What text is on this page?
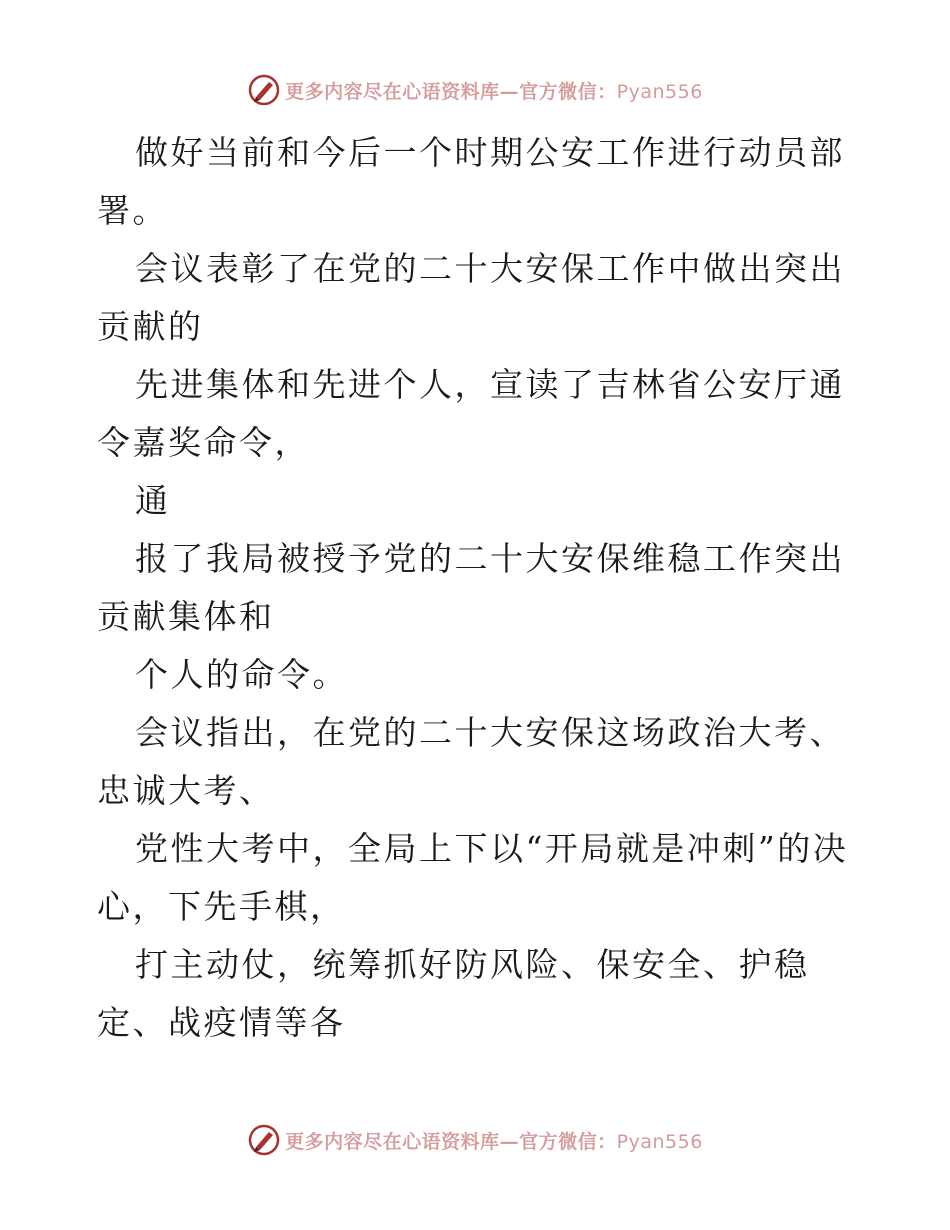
更多内容尽在心语资料库—官方微信：Pyan556

做好当前和今后一个时期公安工作进行动员部署。

会议表彰了在党的二十大安保工作中做出突出贡献的

先进集体和先进个人，宣读了吉林省公安厅通令嘉奖命令，

通

报了我局被授予党的二十大安保维稳工作突出贡献集体和

个人的命令。

会议指出，在党的二十大安保这场政治大考、忠诚大考、

党性大考中，全局上下以“开局就是冲刺”的决心，下先手棋，

打主动仗，统筹抓好防风险、保安全、护稳定、战疫情等各

更多内容尽在心语资料库—官方微信：Pyan556
